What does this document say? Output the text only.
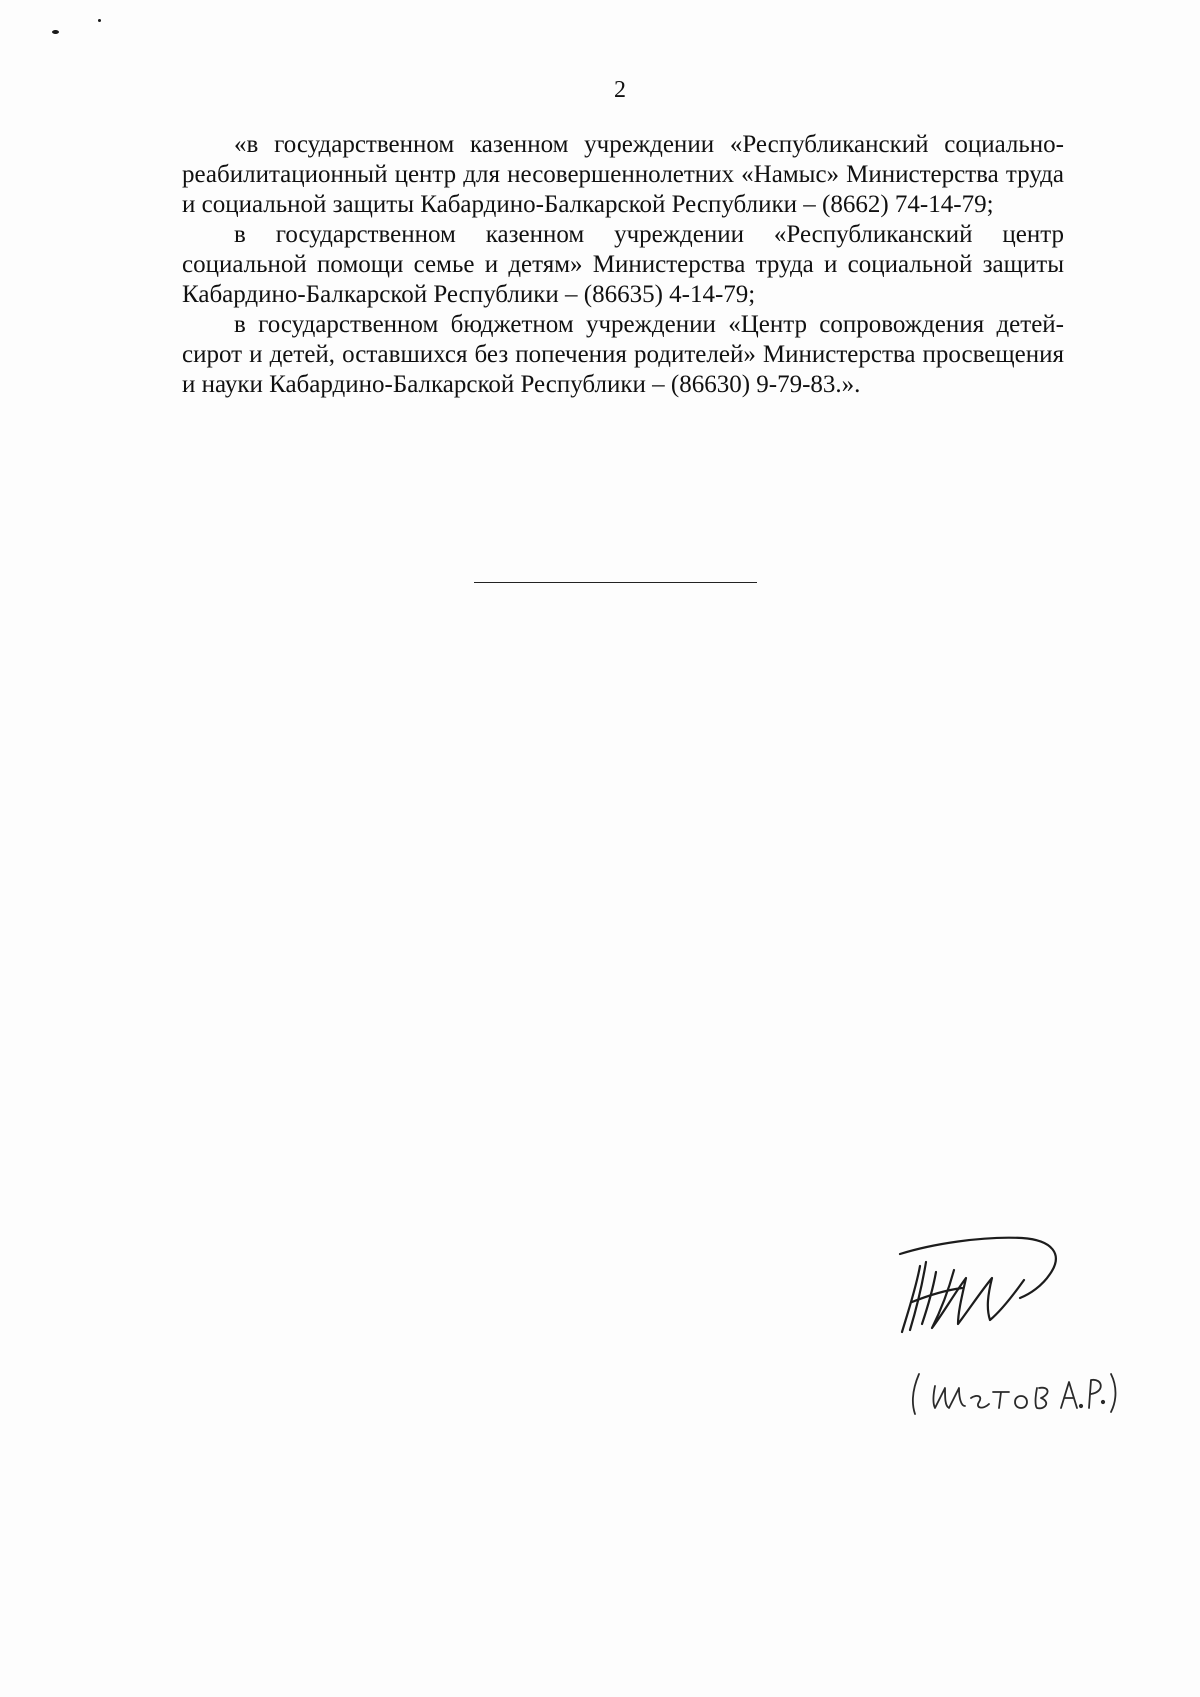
2

«в государственном казенном учреждении «Республиканский социально-реабилитационный центр для несовершеннолетних «Намыс» Министерства труда и социальной защиты Кабардино-Балкарской Республики – (8662) 74-14-79;

в государственном казенном учреждении «Республиканский центр социальной помощи семье и детям» Министерства труда и социальной защиты Кабардино-Балкарской Республики – (86635) 4-14-79;

в государственном бюджетном учреждении «Центр сопровождения детей-сирот и детей, оставшихся без попечения родителей» Министерства просвещения и науки Кабардино-Балкарской Республики – (86630) 9-79-83.».
